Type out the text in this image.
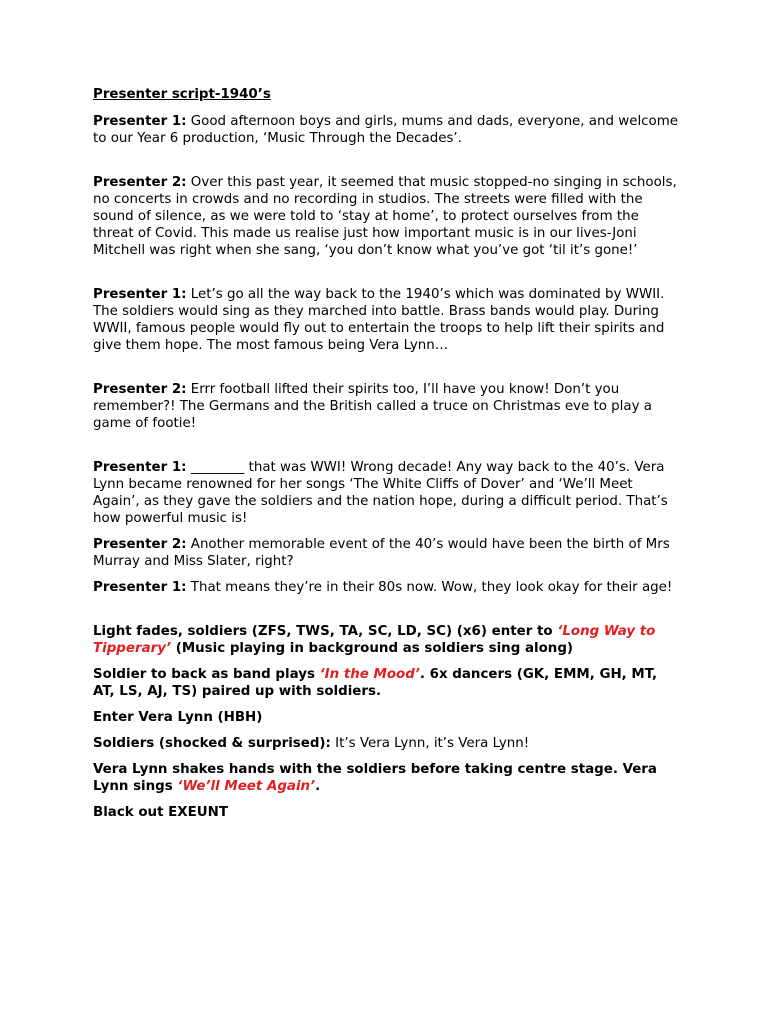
Presenter script-1940’s

Presenter 1: Good afternoon boys and girls, mums and dads, everyone, and welcome to our Year 6 production, ‘Music Through the Decades’.

Presenter 2: Over this past year, it seemed that music stopped-no singing in schools, no concerts in crowds and no recording in studios. The streets were filled with the sound of silence, as we were told to ‘stay at home’, to protect ourselves from the threat of Covid. This made us realise just how important music is in our lives-Joni Mitchell was right when she sang, ‘you don’t know what you’ve got ‘til it’s gone!’

Presenter 1: Let’s go all the way back to the 1940’s which was dominated by WWII. The soldiers would sing as they marched into battle. Brass bands would play. During WWII, famous people would fly out to entertain the troops to help lift their spirits and give them hope. The most famous being Vera Lynn…

Presenter 2: Errr football lifted their spirits too, I’ll have you know! Don’t you remember?! The Germans and the British called a truce on Christmas eve to play a game of footie!

Presenter 1: ________ that was WWI! Wrong decade! Any way back to the 40’s. Vera Lynn became renowned for her songs ‘The White Cliffs of Dover’ and ‘We’ll Meet Again’, as they gave the soldiers and the nation hope, during a difficult period. That’s how powerful music is!

Presenter 2: Another memorable event of the 40’s would have been the birth of Mrs Murray and Miss Slater, right?

Presenter 1: That means they’re in their 80s now. Wow, they look okay for their age!

Light fades, soldiers (ZFS, TWS, TA, SC, LD, SC) (x6) enter to ‘Long Way to Tipperary’ (Music playing in background as soldiers sing along)

Soldier to back as band plays ‘In the Mood’. 6x dancers (GK, EMM, GH, MT, AT, LS, AJ, TS) paired up with soldiers.

Enter Vera Lynn (HBH)

Soldiers (shocked & surprised): It’s Vera Lynn, it’s Vera Lynn!

Vera Lynn shakes hands with the soldiers before taking centre stage. Vera Lynn sings ‘We’ll Meet Again’.

Black out EXEUNT
